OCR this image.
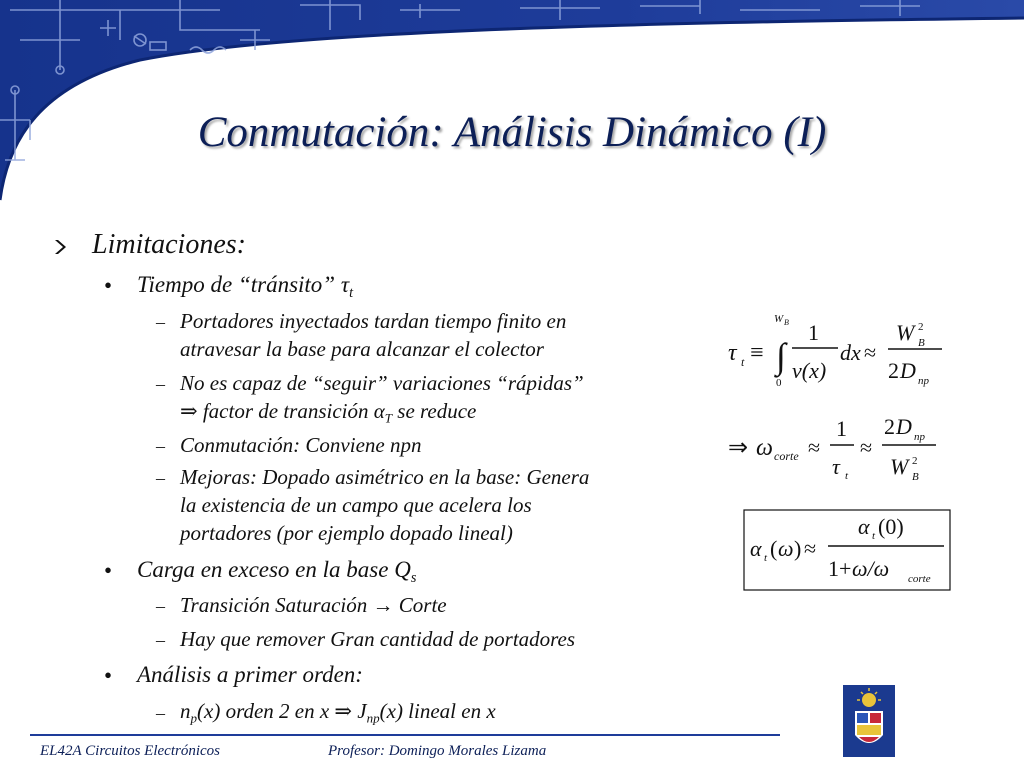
Conmutación: Análisis Dinámico (I)
Limitaciones:
• Tiempo de “tránsito” $\tau_t$
– Portadores inyectados tardan tiempo finito en
atravesar la base para alcanzar el colector
– No es capaz de “seguir” variaciones “rápidas”
⇒ factor de transición $\alpha_T$ se reduce
– Conmutación: Conviene npn
– Mejoras: Dopado asimétrico en la base: Genera
la existencia de un campo que acelera los
portadores (por ejemplo dopado lineal)
• Carga en exceso en la base $Q_s$
– Transición Saturación → Corte
– Hay que remover Gran cantidad de portadores
• Análisis a primer orden:
– $n_p(x)$ orden 2 en x ⇒ $J_{np}(x)$ lineal en x
τ t ≡
W B
∫
0
1
v(x)
dx ≈
W B
2
2 D np
⇒ ω corte ≈
1
τ t
≈
2 D np
W B
2
α t ( ω ) ≈
α t (0)
1+ ω/ω corte
EL42A Circuitos Electrónicos	Profesor: Domingo Morales Lizama
